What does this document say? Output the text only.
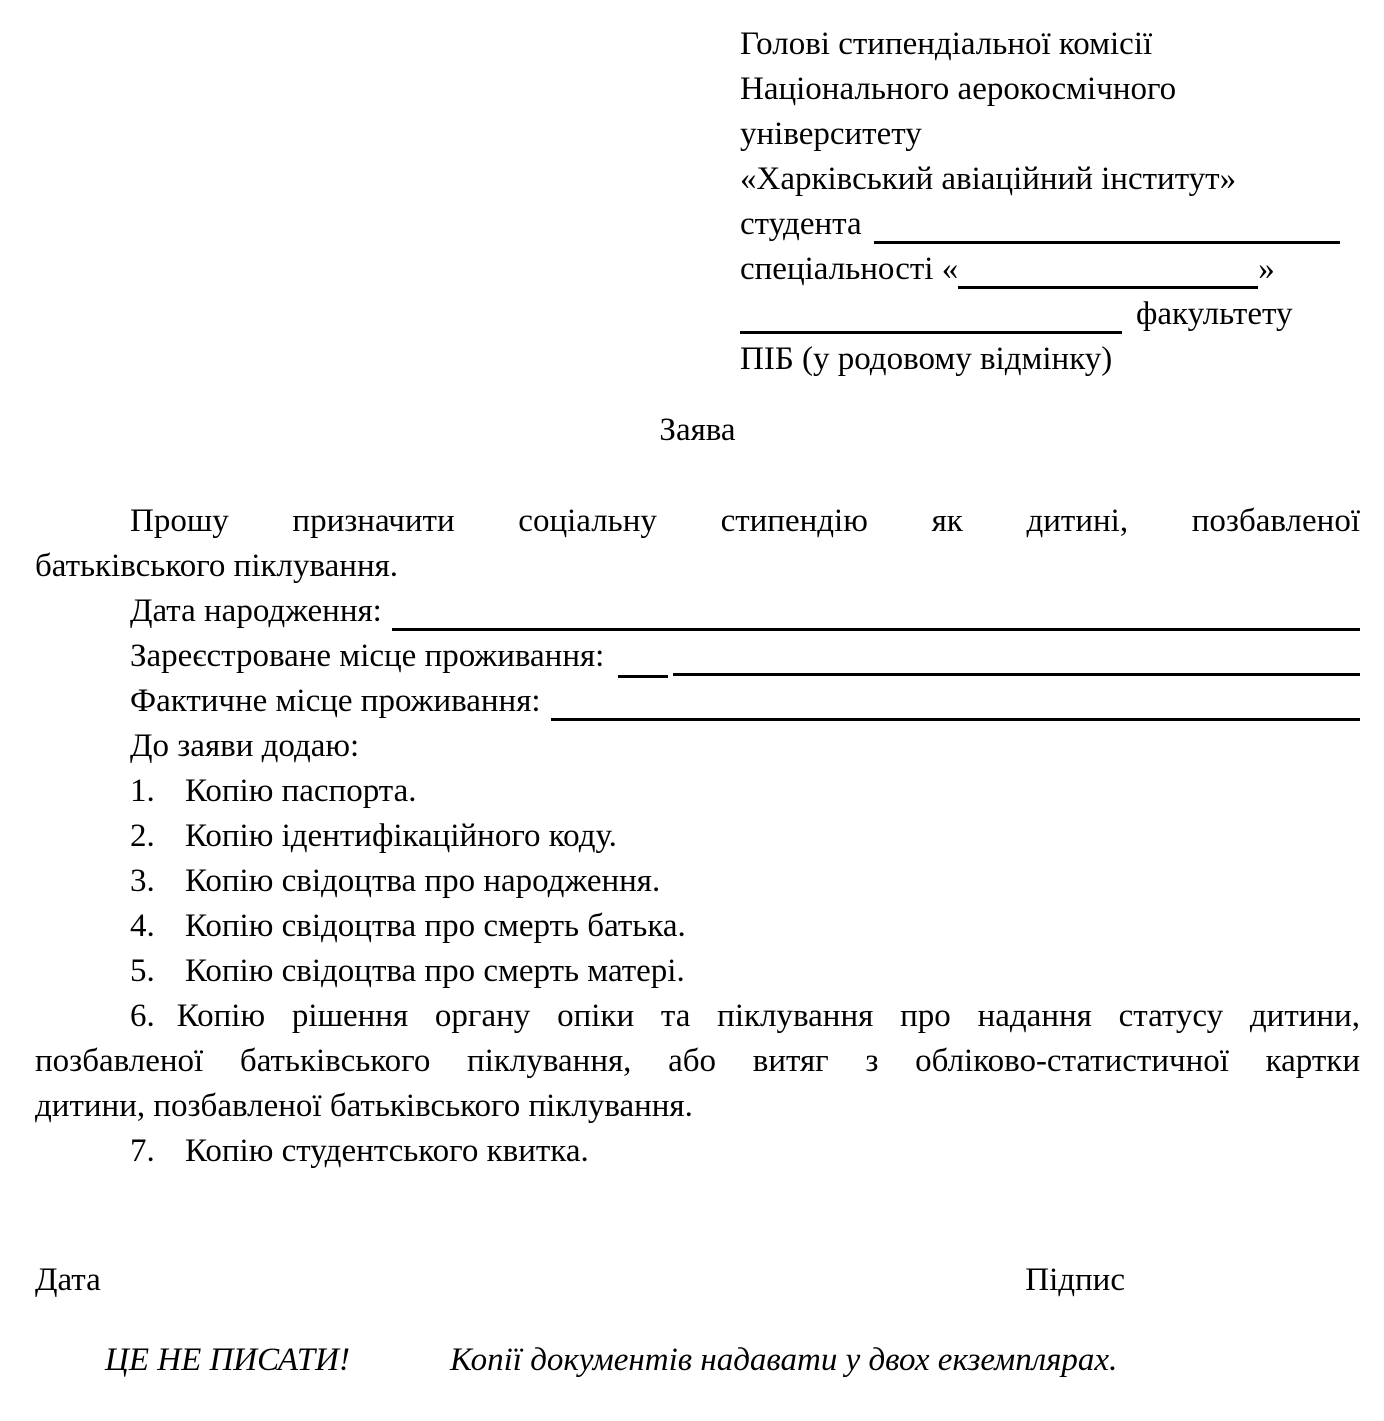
Голові стипендіальної комісії
Національного аерокосмічного
університету
«Харківський авіаційний інститут»
студента
спеціальності «	»
факультету
ПІБ (у родовому відмінку)
Заява
Прошу призначити соціальну стипендію як дитині, позбавленої
батьківського піклування.
Дата народження:
Зареєстроване місце проживання:
Фактичне місце проживання:
До заяви додаю:
1. Копію паспорта.
2. Копію ідентифікаційного коду.
3. Копію свідоцтва про народження.
4. Копію свідоцтва про смерть батька.
5. Копію свідоцтва про смерть матері.
6. Копію рішення органу опіки та піклування про надання статусу дитини,
позбавленої батьківського піклування, або витяг з обліково-статистичної картки
дитини, позбавленої батьківського піклування.
7. Копію студентського квитка.
Дата	Підпис
ЦЕ НЕ ПИСАТИ!	Копії документів надавати у двох екземплярах.
